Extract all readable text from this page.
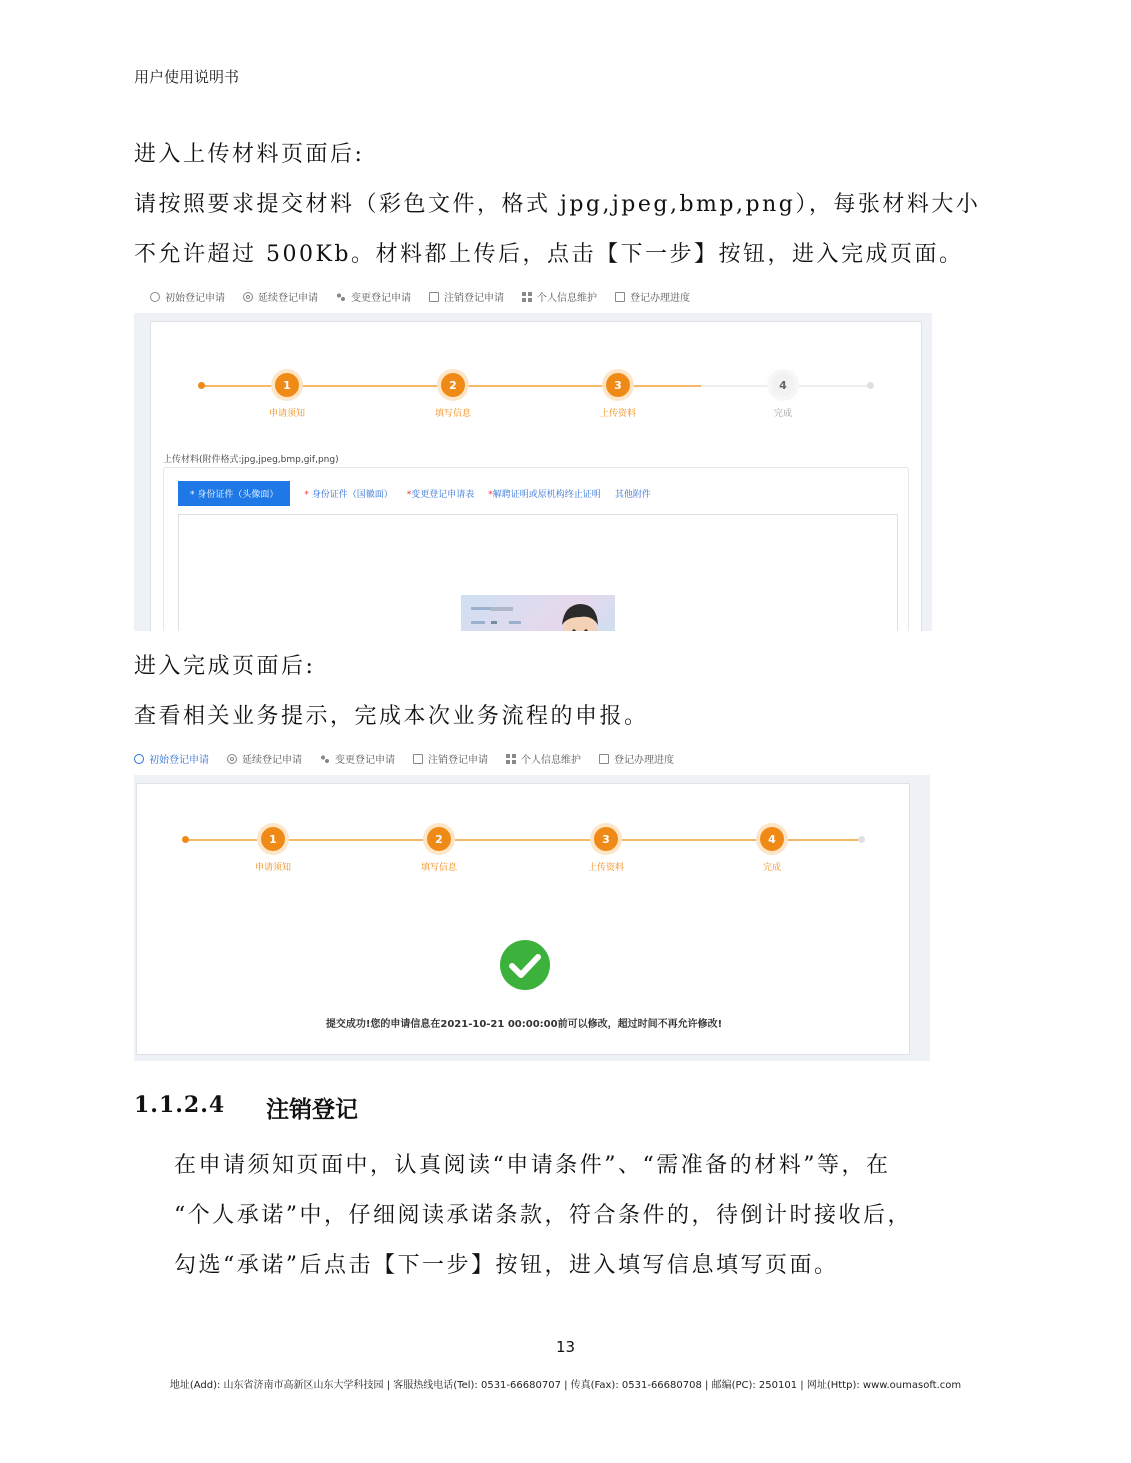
用户使用说明书
进入上传材料页面后:
请按照要求提交材料（彩色文件，格式 jpg,jpeg,bmp,png），每张材料大小
不允许超过 500Kb。材料都上传后，点击【下一步】按钮，进入完成页面。
初始登记申请	延续登记申请	变更登记申请	注销登记申请	个人信息维护	登记办理进度
1
申请须知
2
填写信息
3
上传资料
4
完成
上传材料(附件格式:jpg,jpeg,bmp,gif,png)
* 身份证件（头像面）	* 身份证件（国徽面） *变更登记申请表 *解聘证明或原机构终止证明 其他附件
进入完成页面后:
查看相关业务提示，完成本次业务流程的申报。
初始登记申请	延续登记申请	变更登记申请	注销登记申请	个人信息维护	登记办理进度
1
申请须知
2
填写信息
3
上传资料
4
完成
提交成功!您的申请信息在2021-10-21 00:00:00前可以修改，超过时间不再允许修改!
1.1.2.4 注销登记
在申请须知页面中，认真阅读“申请条件”、“需准备的材料”等，在
“个人承诺”中，仔细阅读承诺条款，符合条件的，待倒计时接收后，
勾选“承诺”后点击【下一步】按钮，进入填写信息填写页面。
13
地址(Add): 山东省济南市高新区山东大学科技园 | 客服热线电话(Tel): 0531-66680707 | 传真(Fax): 0531-66680708 | 邮编(PC): 250101 | 网址(Http): www.oumasoft.com
